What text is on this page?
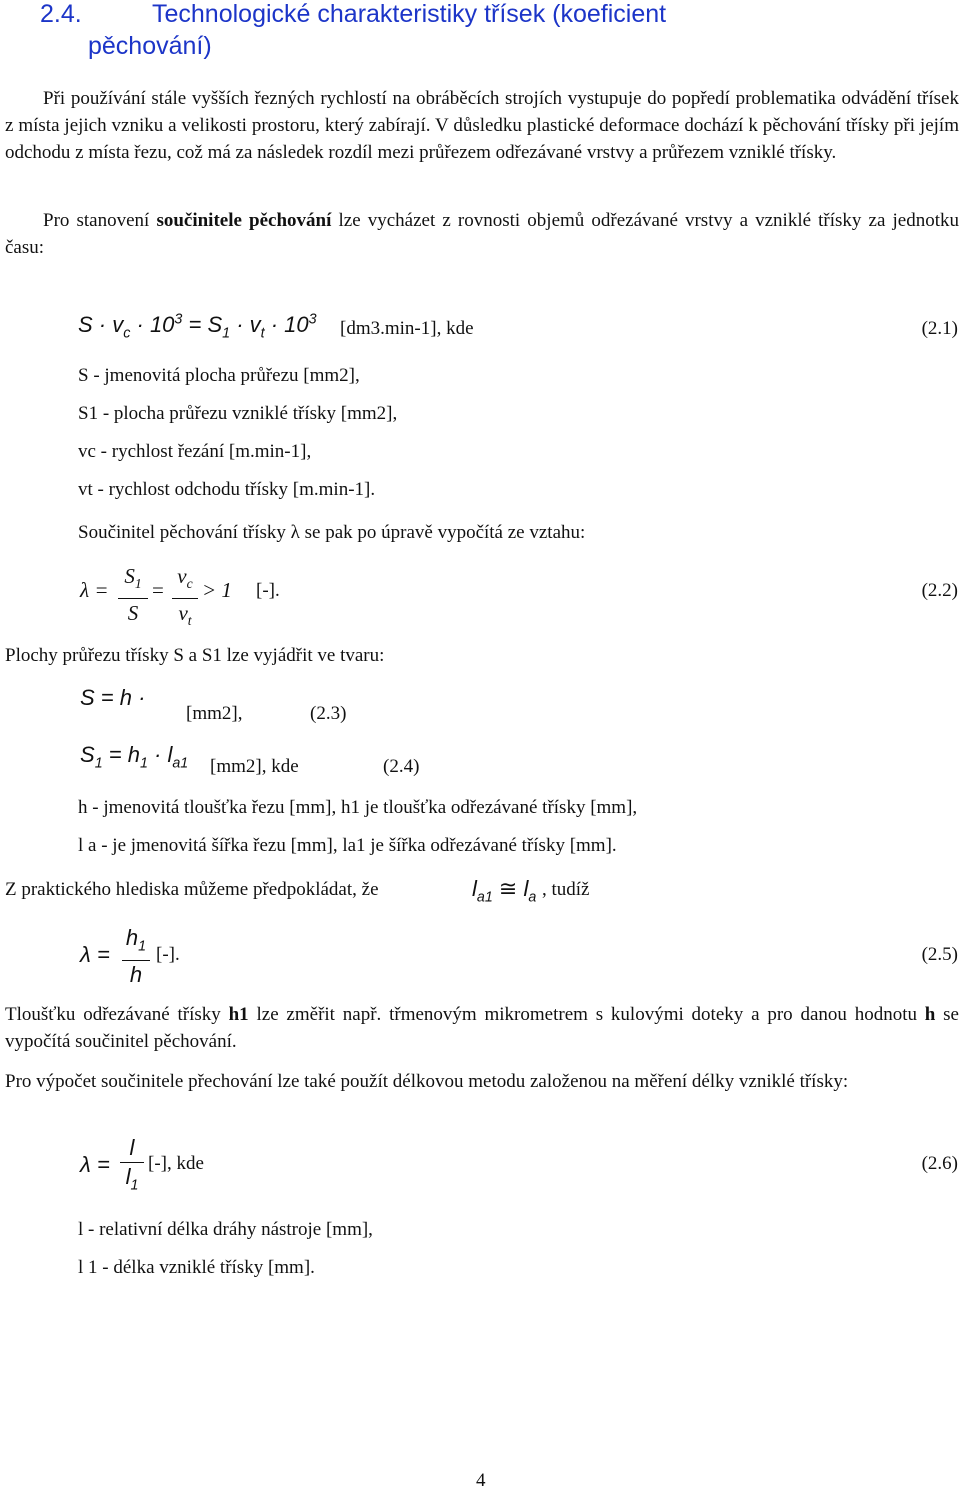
2.4.	Technologické charakteristiky třísek (koeficient
pěchování)
Při používání stále vyšších řezných rychlostí na obráběcích strojích vystupuje do popředí problematika odvádění třísek z místa jejich vzniku a velikosti prostoru, který zabírají. V důsledku plastické deformace dochází k pěchování třísky při jejím odchodu z místa řezu, což má za následek rozdíl mezi průřezem odřezávané vrstvy a průřezem vzniklé třísky.
Pro stanovení součinitele pěchování lze vycházet z rovnosti objemů odřezávané vrstvy a vzniklé třísky za jednotku času:
$S \cdot v_c \cdot 10^3 = S_1 \cdot v_t \cdot 10^3$ [dm3.min-1], kde	(2.1)
S - jmenovitá plocha průřezu [mm2],
S1 - plocha průřezu vzniklé třísky [mm2],
vc - rychlost řezání [m.min-1],
vt - rychlost odchodu třísky [m.min-1].
Součinitel pěchování třísky λ se pak po úpravě vypočítá ze vztahu:
λ =
$S_1$
S
=
$v_c$
$v_t$
> 1 [-].	(2.2)
Plochy průřezu třísky S a S1 lze vyjádřit ve tvaru:
S = h ·
[mm2],	(2.3)
$S_1 = h_1 \cdot l_{a1}$ [mm2], kde	(2.4)
h - jmenovitá tloušťka řezu [mm], h1 je tloušťka odřezávané třísky [mm],
l a - je jmenovitá šířka řezu [mm], la1 je šířka odřezávané třísky [mm].
Z praktického hlediska můžeme předpokládat, že	$l_{a1}$ ≅ $l_a$ , tudíž
λ =
$h_1$
h
[-].	(2.5)
Tloušťku odřezávané třísky h1 lze změřit např. třmenovým mikrometrem s kulovými doteky a pro danou hodnotu h se vypočítá součinitel pěchování.
Pro výpočet součinitele přechování lze také použít délkovou metodu založenou na měření délky vzniklé třísky:
λ =
l
$l_1$
[-], kde	(2.6)
l - relativní délka dráhy nástroje [mm],
l 1 - délka vzniklé třísky [mm].
4
